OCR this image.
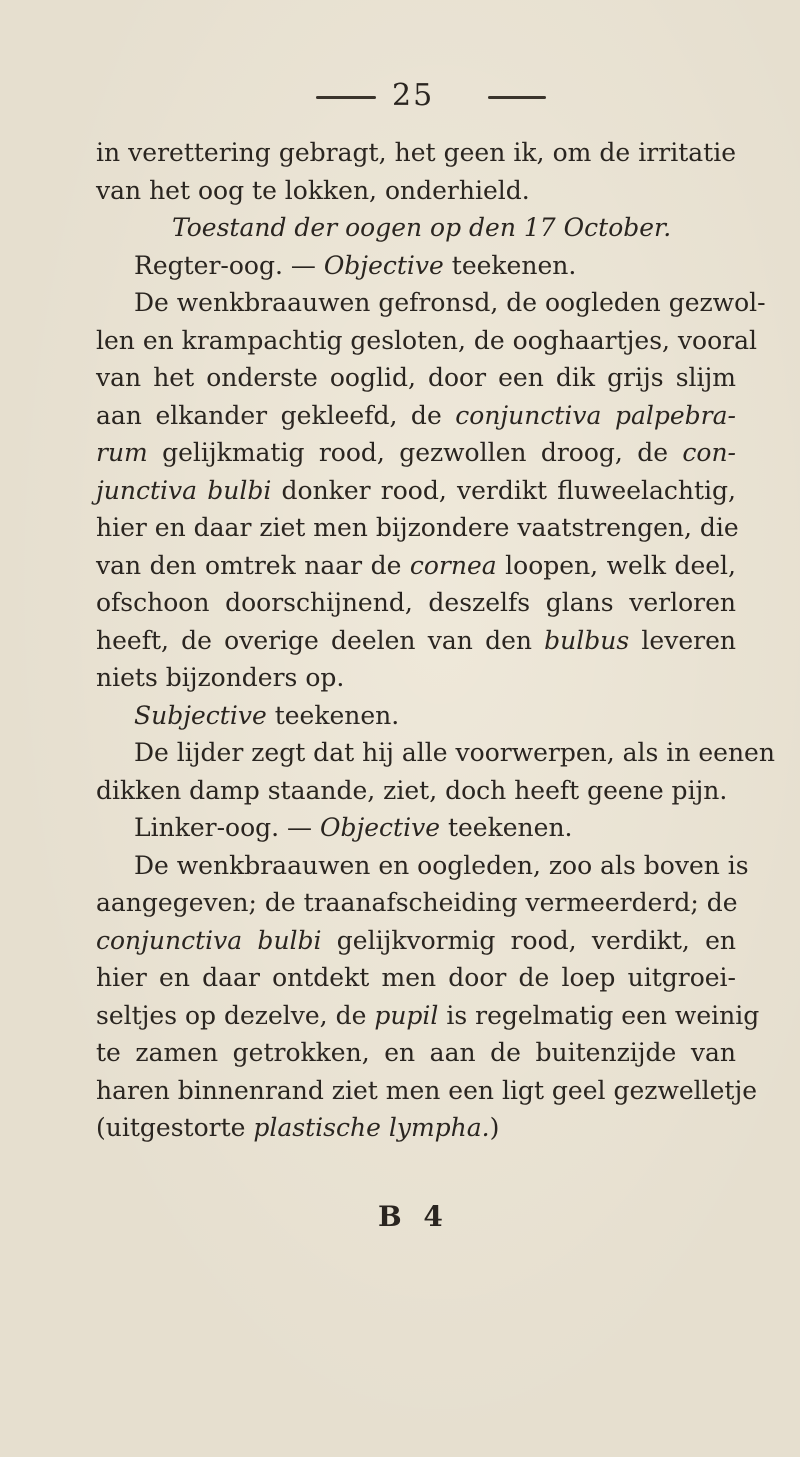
25
in verettering gebragt, het geen ik, om de irritatie
van het oog te lokken, onderhield.
Toestand der oogen op den 17 October.
Regter-oog. — Objective teekenen.
De wenkbraauwen gefronsd, de oogleden gezwol-
len en krampachtig gesloten, de ooghaartjes, vooral
van het onderste ooglid, door een dik grijs slijm
aan elkander gekleefd, de conjunctiva palpebra-
rum gelijkmatig rood, gezwollen droog, de con-
junctiva bulbi donker rood, verdikt fluweelachtig,
hier en daar ziet men bijzondere vaatstrengen, die
van den omtrek naar de cornea loopen, welk deel,
ofschoon doorschijnend, deszelfs glans verloren
heeft, de overige deelen van den bulbus leveren
niets bijzonders op.
Subjective teekenen.
De lijder zegt dat hij alle voorwerpen, als in eenen
dikken damp staande, ziet, doch heeft geene pijn.
Linker-oog. — Objective teekenen.
De wenkbraauwen en oogleden, zoo als boven is
aangegeven; de traanafscheiding vermeerderd; de
conjunctiva bulbi gelijkvormig rood, verdikt, en
hier en daar ontdekt men door de loep uitgroei-
seltjes op dezelve, de pupil is regelmatig een weinig
te zamen getrokken, en aan de buitenzijde van
haren binnenrand ziet men een ligt geel gezwelletje
(uitgestorte plastische lympha.)
B 4
